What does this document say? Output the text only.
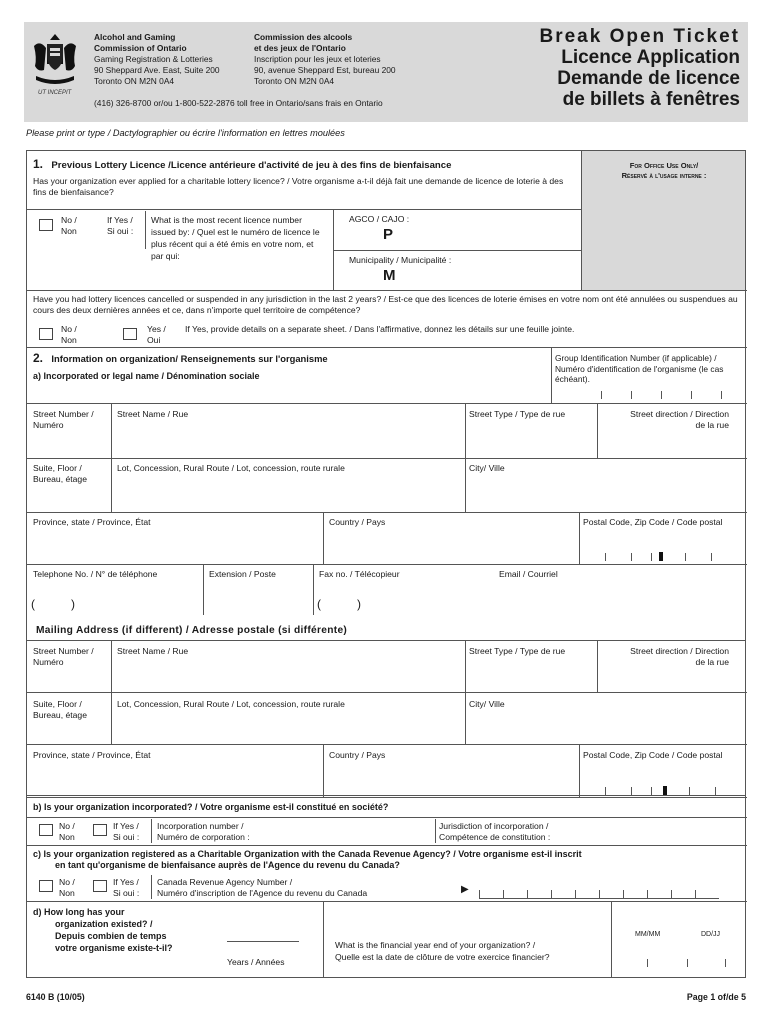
UT INCEPIT
Alcohol and Gaming
Commission of Ontario
Gaming Registration & Lotteries
90 Sheppard Ave. East, Suite 200
Toronto ON M2N 0A4
Commission des alcools
et des jeux de l'Ontario
Inscription pour les jeux et loteries
90, avenue Sheppard Est, bureau 200
Toronto ON M2N 0A4
(416) 326-8700 or/ou 1-800-522-2876 toll free in Ontario/sans frais en Ontario
Break Open Ticket
Licence Application
Demande de licence
de billets à fenêtres
Please print or type / Dactylographier ou écrire l'information en lettres moulées
For Office Use Only/
Réservé à l'usage interne :
1. Previous Lottery Licence /Licence antérieure d'activité de jeu à des fins de bienfaisance
Has your organization ever applied for a charitable lottery licence? / Votre organisme a-t-il déjà fait une demande de licence de loterie à des fins de bienfaisance?
No /
Non
If Yes /
Si oui :
What is the most recent licence number issued by: / Quel est le numéro de licence le plus récent qui a été émis en votre nom, et par qui:
AGCO / CAJO :
P
Municipality / Municipalité :
M
Have you had lottery licences cancelled or suspended in any jurisdiction in the last 2 years? / Est-ce que des licences de loterie émises en votre nom ont été annulées ou suspendues au cours des deux dernières années et ce, dans n'importe quel territoire de compétence?
No /
Non
Yes /
Oui
If Yes, provide details on a separate sheet. / Dans l'affirmative, donnez les détails sur une feuille jointe.
2. Information on organization/ Renseignements sur l'organisme
a) Incorporated or legal name / Dénomination sociale
Group Identification Number (if applicable) / Numéro d'identification de l'organisme (le cas échéant).
Street Number /
Numéro
Street Name / Rue	Street Type / Type de rue	Street direction / Direction
de la rue
Suite, Floor /
Bureau, étage
Lot, Concession, Rural Route / Lot, concession, route rurale	City/ Ville
Province, state / Province, État	Country / Pays	Postal Code, Zip Code / Code postal
Telephone No. / N° de téléphone	Extension / Poste	Fax no. / Télécopieur	Email / Courriel
(	)	(	)
Mailing Address (if different) / Adresse postale (si différente)
Street Number /
Numéro
Street Name / Rue	Street Type / Type de rue	Street direction / Direction
de la rue
Suite, Floor /
Bureau, étage
Lot, Concession, Rural Route / Lot, concession, route rurale	City/ Ville
Province, state / Province, État	Country / Pays	Postal Code, Zip Code / Code postal
b) Is your organization incorporated? / Votre organisme est-il constitué en société?
No /
Non
If Yes /
Si oui :
Incorporation number /
Numéro de corporation :
Jurisdiction of incorporation /
Compétence de constitution :
c) Is your organization registered as a Charitable Organization with the Canada Revenue Agency? / Votre organisme est-il inscrit
en tant qu'organisme de bienfaisance auprès de l'Agence du revenu du Canada?
No /
Non
If Yes /
Si oui :
Canada Revenue Agency Number /
Numéro d'inscription de l'Agence du revenu du Canada	▶
d) How long has your
organization existed? /
Depuis combien de temps
votre organisme existe-t-il?
Years / Années
What is the financial year end of your organization? /
Quelle est la date de clôture de votre exercice financier?
MM/MM	DD/JJ
6140 B (10/05)	Page 1 of/de 5
